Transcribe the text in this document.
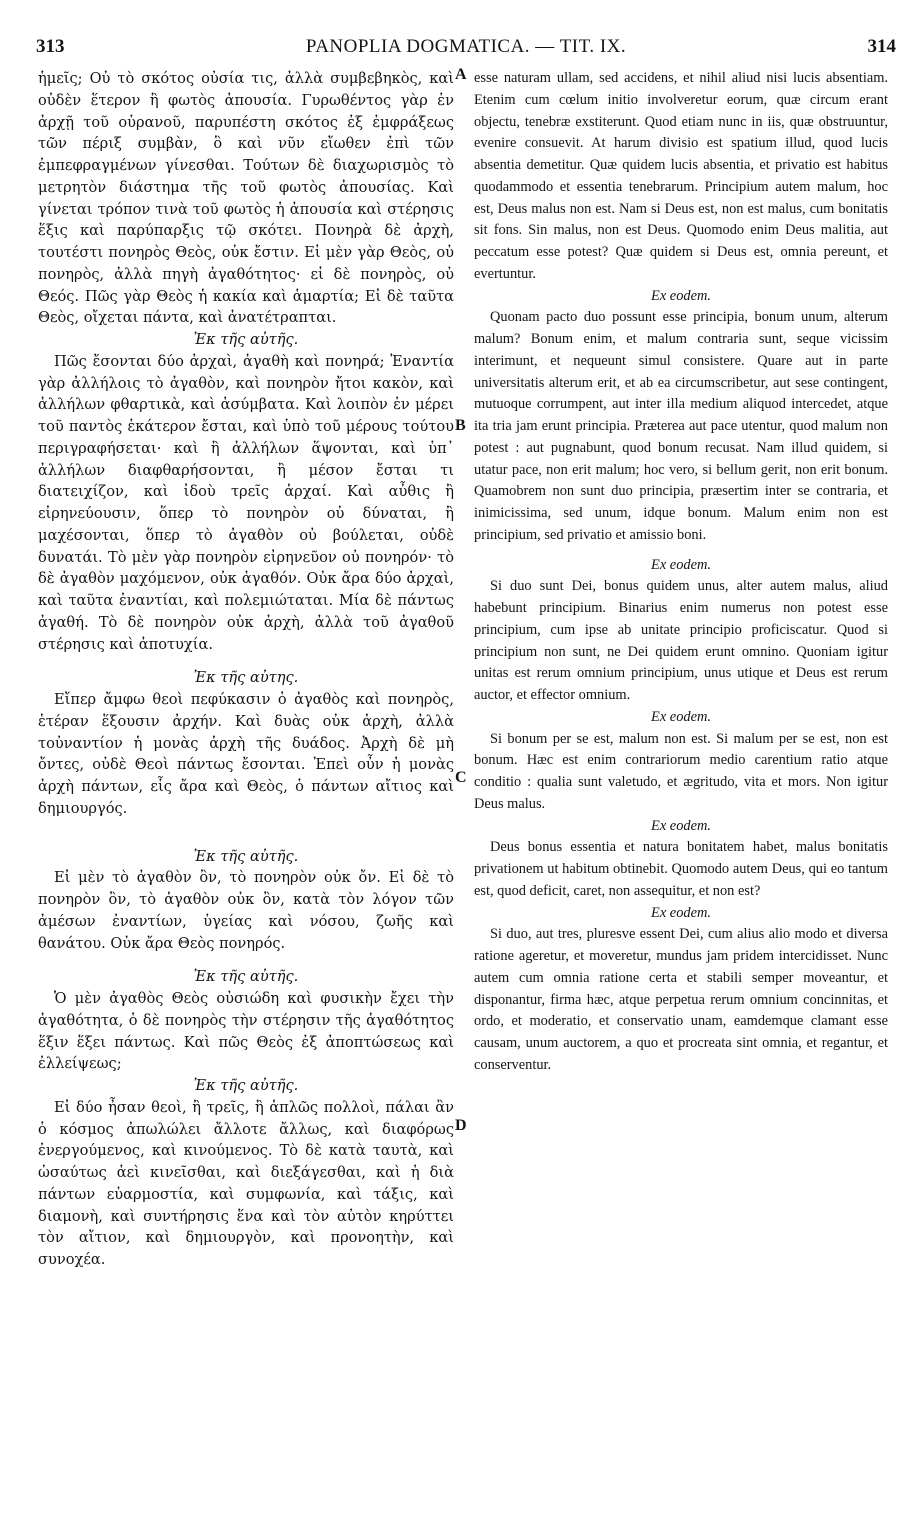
313	PANOPLIA DOGMATICA. — TIT. IX.	314

ἡμεῖς; Οὐ τὸ σκότος οὐσία τις, ἀλλὰ συμβεβηκὸς, καὶ οὐδὲν ἕτερον ἢ φωτὸς ἀπουσία. Γυρωθέντος γὰρ ἐν ἀρχῇ τοῦ οὐρανοῦ, παρυπέστη σκότος ἐξ ἐμφράξεως τῶν πέριξ συμβὰν, ὃ καὶ νῦν εἴωθεν ἐπὶ τῶν ἐμπεφραγμένων γίνεσθαι. Τούτων δὲ διαχωρισμὸς τὸ μετρητὸν διάστημα τῆς τοῦ φωτὸς ἀπουσίας. Καὶ γίνεται τρόπον τινὰ τοῦ φωτὸς ἡ ἀπουσία καὶ στέρησις ἕξις καὶ παρύπαρξις τῷ σκότει. Πονηρὰ δὲ ἀρχὴ, τουτέστι πονηρὸς Θεὸς, οὐκ ἔστιν. Εἰ μὲν γὰρ Θεὸς, οὐ πονηρὸς, ἀλλὰ πηγὴ ἀγαθότητος· εἰ δὲ πονηρὸς, οὐ Θεός. Πῶς γὰρ Θεὸς ἡ κακία καὶ ἁμαρτία; Εἰ δὲ ταῦτα Θεὸς, οἴχεται πάντα, καὶ ἀνατέτραπται.

Ἐκ τῆς αὐτῆς.

Πῶς ἔσονται δύο ἀρχαὶ, ἀγαθὴ καὶ πονηρά; Ἐναντία γὰρ ἀλλήλοις τὸ ἀγαθὸν, καὶ πονηρὸν ἤτοι κακὸν, καὶ ἀλλήλων φθαρτικὰ, καὶ ἀσύμβατα. Καὶ λοιπὸν ἐν μέρει τοῦ παντὸς ἑκάτερον ἔσται, καὶ ὑπὸ τοῦ μέρους τούτου περιγραφήσεται· καὶ ἢ ἀλλήλων ἅψονται, καὶ ὑπ᾽ ἀλλήλων διαφθαρήσονται, ἢ μέσον ἔσται τι διατειχίζον, καὶ ἰδοὺ τρεῖς ἀρχαί. Καὶ αὖθις ἢ εἰρηνεύουσιν, ὅπερ τὸ πονηρὸν οὐ δύναται, ἢ μαχέσονται, ὅπερ τὸ ἀγαθὸν οὐ βούλεται, οὐδὲ δυνατάι. Τὸ μὲν γὰρ πονηρὸν εἰρηνεῦον οὐ πονηρόν· τὸ δὲ ἀγαθὸν μαχόμενον, οὐκ ἀγαθόν. Οὐκ ἄρα δύο ἀρχαὶ, καὶ ταῦτα ἐναντίαι, καὶ πολεμιώταται. Μία δὲ πάντως ἀγαθή. Τὸ δὲ πονηρὸν οὐκ ἀρχὴ, ἀλλὰ τοῦ ἀγαθοῦ στέρησις καὶ ἀποτυχία.

Ἐκ τῆς αὐτης.

Εἴπερ ἄμφω θεοὶ πεφύκασιν ὁ ἀγαθὸς καὶ πονηρὸς, ἑτέραν ἕξουσιν ἀρχήν. Καὶ δυὰς οὐκ ἀρχὴ, ἀλλὰ τοὐναντίον ἡ μονὰς ἀρχὴ τῆς δυάδος. Ἀρχὴ δὲ μὴ ὄντες, οὐδὲ Θεοὶ πάντως ἔσονται. Ἐπεὶ οὖν ἡ μονὰς ἀρχὴ πάντων, εἷς ἄρα καὶ Θεὸς, ὁ πάντων αἴτιος καὶ δημιουργός.

Ἐκ τῆς αὐτῆς.

Εἰ μὲν τὸ ἀγαθὸν ὂν, τὸ πονηρὸν οὐκ ὄν. Εἰ δὲ τὸ πονηρὸν ὂν, τὸ ἀγαθὸν οὐκ ὂν, κατὰ τὸν λόγον τῶν ἀμέσων ἐναντίων, ὑγείας καὶ νόσου, ζωῆς καὶ θανάτου. Οὐκ ἄρα Θεὸς πονηρός.

Ἐκ τῆς αὐτῆς.

Ὁ μὲν ἀγαθὸς Θεὸς οὐσιώδη καὶ φυσικὴν ἔχει τὴν ἀγαθότητα, ὁ δὲ πονηρὸς τὴν στέρησιν τῆς ἀγαθότητος ἕξιν ἕξει πάντως. Καὶ πῶς Θεὸς ἐξ ἀποπτώσεως καὶ ἐλλείψεως;

Ἐκ τῆς αὐτῆς.

Εἰ δύο ἦσαν θεοὶ, ἢ τρεῖς, ἢ ἁπλῶς πολλοὶ, πάλαι ἂν ὁ κόσμος ἀπωλώλει ἄλλοτε ἄλλως, καὶ διαφόρως ἐνεργούμενος, καὶ κινούμενος. Τὸ δὲ κατὰ ταυτὰ, καὶ ὡσαύτως ἀεὶ κινεῖσθαι, καὶ διεξάγεσθαι, καὶ ἡ διὰ πάντων εὐαρμοστία, καὶ συμφωνία, καὶ τάξις, καὶ διαμονὴ, καὶ συντήρησις ἕνα καὶ τὸν αὐτὸν κηρύττει τὸν αἴτιον, καὶ δημιουργὸν, καὶ προνοητὴν, καὶ συνοχέα.

A
B
C
D

esse naturam ullam, sed accidens, et nihil aliud nisi lucis absentiam. Etenim cum cœlum initio involveretur eorum, quæ circum erant objectu, tenebræ exstiterunt. Quod etiam nunc in iis, quæ obstruuntur, evenire consuevit. At harum divisio est spatium illud, quod lucis absentia demetitur. Quæ quidem lucis absentia, et privatio est habitus quodammodo et essentia tenebrarum. Principium autem malum, hoc est, Deus malus non est. Nam si Deus est, non est malus, cum bonitatis sit fons. Sin malus, non est Deus. Quomodo enim Deus malitia, aut peccatum esse potest? Quæ quidem si Deus est, omnia pereunt, et evertuntur.

Ex eodem.

Quonam pacto duo possunt esse principia, bonum unum, alterum malum? Bonum enim, et malum contraria sunt, seque vicissim interimunt, et nequeunt simul consistere. Quare aut in parte universitatis alterum erit, et ab ea circumscribetur, aut sese contingent, mutuoque corrumpent, aut inter illa medium aliquod intercedet, atque ita tria jam erunt principia. Præterea aut pace utentur, quod malum non potest : aut pugnabunt, quod bonum recusat. Nam illud quidem, si utatur pace, non erit malum; hoc vero, si bellum gerit, non erit bonum. Quamobrem non sunt duo principia, præsertim inter se contraria, et inimicissima, sed unum, idque bonum. Malum enim non est principium, sed privatio et amissio boni.

Ex eodem.

Si duo sunt Dei, bonus quidem unus, alter autem malus, aliud habebunt principium. Binarius enim numerus non potest esse principium, cum ipse ab unitate principio proficiscatur. Quod si principium non sunt, ne Dei quidem erunt omnino. Quoniam igitur unitas est rerum omnium principium, unus utique et Deus est rerum auctor, et effector omnium.

Ex eodem.

Si bonum per se est, malum non est. Si malum per se est, non est bonum. Hæc est enim contrariorum medio carentium ratio atque conditio : qualia sunt valetudo, et ægritudo, vita et mors. Non igitur Deus malus.

Ex eodem.

Deus bonus essentia et natura bonitatem habet, malus bonitatis privationem ut habitum obtinebit. Quomodo autem Deus, qui eo tantum est, quod deficit, caret, non assequitur, et non est?

Ex eodem.

Si duo, aut tres, pluresve essent Dei, cum alius alio modo et diversa ratione ageretur, et moveretur, mundus jam pridem intercidisset. Nunc autem cum omnia ratione certa et stabili semper moveantur, et disponantur, firma hæc, atque perpetua rerum omnium concinnitas, et ordo, et moderatio, et conservatio unam, eamdemque clamant esse causam, unum auctorem, a quo et procreata sint omnia, et regantur, et conserventur.
